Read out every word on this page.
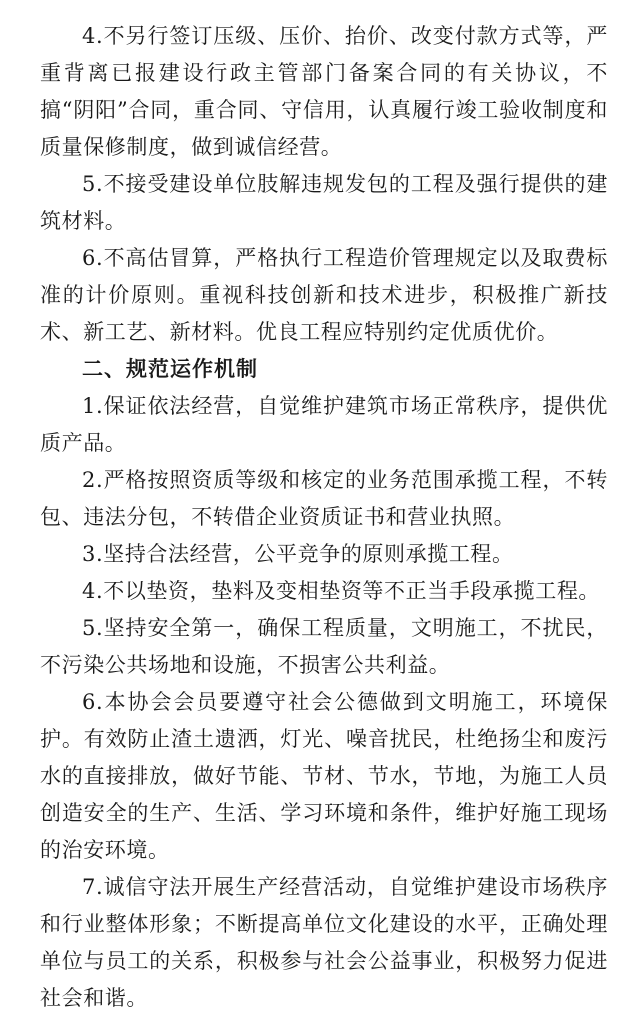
4.不另行签订压级、压价、抬价、改变付款方式等，严重背离已报建设行政主管部门备案合同的有关协议，不搞“阴阳”合同，重合同、守信用，认真履行竣工验收制度和质量保修制度，做到诚信经营。

5.不接受建设单位肢解违规发包的工程及强行提供的建筑材料。

6.不高估冒算，严格执行工程造价管理规定以及取费标准的计价原则。重视科技创新和技术进步，积极推广新技术、新工艺、新材料。优良工程应特别约定优质优价。

二、规范运作机制

1.保证依法经营，自觉维护建筑市场正常秩序，提供优质产品。

2.严格按照资质等级和核定的业务范围承揽工程，不转包、违法分包，不转借企业资质证书和营业执照。

3.坚持合法经营，公平竞争的原则承揽工程。

4.不以垫资，垫料及变相垫资等不正当手段承揽工程。

5.坚持安全第一，确保工程质量，文明施工，不扰民，不污染公共场地和设施，不损害公共利益。

6.本协会会员要遵守社会公德做到文明施工，环境保护。有效防止渣土遗洒，灯光、噪音扰民，杜绝扬尘和废污水的直接排放，做好节能、节材、节水，节地，为施工人员创造安全的生产、生活、学习环境和条件，维护好施工现场的治安环境。

7.诚信守法开展生产经营活动，自觉维护建设市场秩序和行业整体形象；不断提高单位文化建设的水平，正确处理单位与员工的关系，积极参与社会公益事业，积极努力促进社会和谐。
